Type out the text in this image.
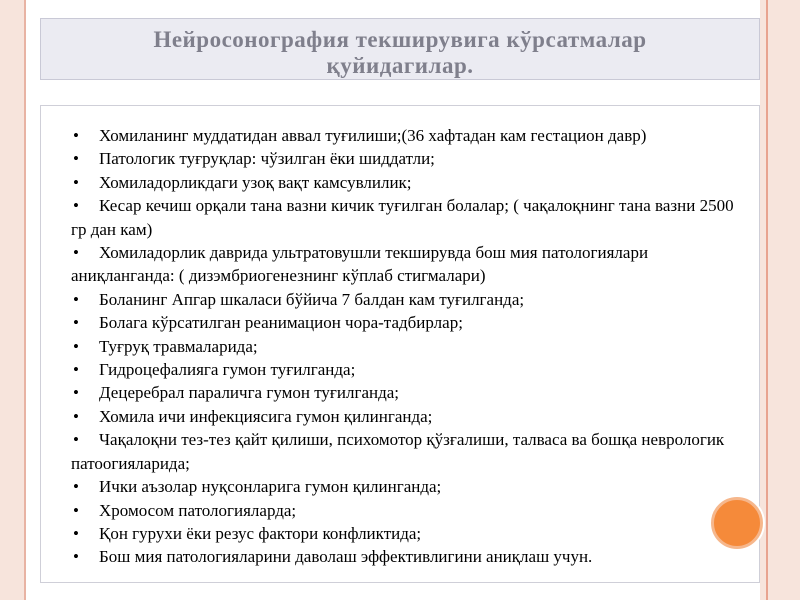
Нейросонография текширувига кўрсатмалар
қуйидагилар.
• Хомиланинг муддатидан аввал туғилиши;(36 хафтадан кам гестацион давр)
• Патологик туғруқлар: чўзилган ёки шиддатли;
• Хомиладорликдаги узоқ вақт камсувлилик;
• Кесар кечиш орқали тана вазни кичик туғилган болалар; ( чақалоқнинг тана вазни 2500 гр дан кам)
• Хомиладорлик даврида ультратовушли текширувда бош мия патологиялари аниқланганда: ( дизэмбриогенезнинг кўплаб стигмалари)
• Боланинг Апгар шкаласи бўйича 7 балдан кам туғилганда;
• Болага кўрсатилган реанимацион чора-тадбирлар;
• Туғруқ травмаларида;
• Гидроцефалияга гумон туғилганда;
• Децеребрал параличга гумон туғилганда;
• Хомила ичи инфекциясига гумон қилинганда;
• Чақалоқни тез-тез қайт қилиши, психомотор қўзғалиши, талваса ва бошқа неврологик патоогияларида;
• Ички аъзолар нуқсонларига гумон қилинганда;
• Хромосом патологияларда;
• Қон гурухи ёки резус фактори конфликтида;
• Бош мия патологияларини даволаш эффективлигини аниқлаш учун.
